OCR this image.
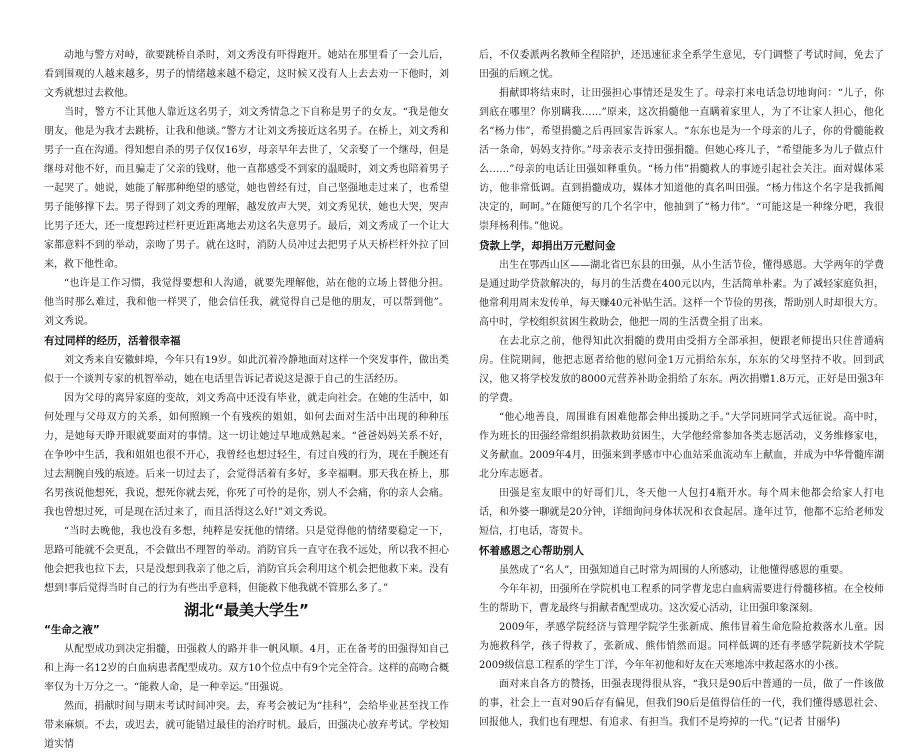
动地与警方对峙，欲要跳桥自杀时，刘文秀没有吓得跑开。她站在那里看了一会儿后，看到围观的人越来越多，男子的情绪越来越不稳定，这时候又没有人上去去劝一下他时，刘文秀就想过去救他。

当时，警方不让其他人靠近这名男子，刘文秀情急之下自称是男子的女友。“我是他女朋友，他是为我才去跳桥，让我和他谈。”警方才让刘文秀接近这名男子。在桥上，刘文秀和男子一直在沟通。得知想自杀的男子仅仅16岁，母亲早年去世了，父亲娶了一个继母，但是继母对他不好，而且骗走了父亲的钱财，他一直都感受不到家的温暖时，刘文秀也陪着男子一起哭了。她说，她能了解那种绝望的感觉，她也曾经有过，自己坚强地走过来了，也希望男子能够撑下去。男子得到了刘文秀的理解，越发放声大哭，刘文秀见状，她也大哭，哭声比男子还大，还一度想跨过栏杆更近距离地去劝这名失意男子。最后，刘文秀成了一个让大家都意料不到的举动，亲吻了男子。就在这时，消防人员冲过去把男子从天桥栏杆外拉了回来，救下他性命。

“也许是工作习惯，我觉得要想和人沟通，就要先理解他，站在他的立场上替他分担。他当时那么难过，我和他一样哭了，他会信任我，就觉得自己是他的朋友，可以帮到他”。刘文秀说。

有过同样的经历，活着很幸福

刘文秀来自安徽蚌埠，今年只有19岁。如此沉着冷静地面对这样一个突发事件，做出类似于一个谈判专家的机智举动，她在电话里告诉记者说这是源于自己的生活经历。

因为父母的离异家庭的变故，刘文秀高中还没有毕业，就走向社会。在她的生活中，如何处理与父母双方的关系，如何照顾一个有残疾的姐姐，如何去面对生活中出现的种种压力，是她每天睁开眼就要面对的事情。这一切让她过早地成熟起来。“爸爸妈妈关系不好，在争吵中生活，我和姐姐也很不开心，我曾经也想过轻生，有过自残的行为，现在手腕还有过去割腕自残的痕迹。后来一切过去了，会觉得活着有多好，多幸福啊。那天我在桥上，那名男孩说他想死，我说，想死你就去死，你死了可怜的是你，别人不会痛，你的亲人会痛。我也曾想过死，可是现在活过来了，而且活得这么好!”刘文秀说。

“当时去晚他，我也没有多想，纯粹是安抚他的情绪。只是觉得他的情绪要稳定一下，思路可能就不会更乱，不会做出不理智的举动。消防官兵一直守在我不远处，所以我不担心他会把我也拉下去，只是没想到我亲了他之后，消防官兵会利用这个机会把他救下来。没有想到!事后觉得当时自己的行为有些出乎意料，但能救下他我就不管那么多了。”

湖北“最美大学生”
“生命之液”

从配型成功到决定捐髓，田强救人的路并非一帆风顺。4月，正在备考的田强得知自己和上海一名12岁的白血病患者配型成功。双方10个位点中有9个完全符合。这样的高吻合概率仅为十万分之一。“能救人命，是一种幸运。”田强说。

然而，捐献时间与期末考试时间冲突。去，弃考会被记为“挂科”，会给毕业甚至找工作带来麻烦。不去，或迟去，就可能错过最佳的治疗时机。最后，田强决心放弃考试。学校知道实情

后，不仅委派两名教师全程陪护，还迅速征求全系学生意见，专门调整了考试时间，免去了田强的后顾之忧。

捐献即将结束时，让田强担心事情还是发生了。母亲打来电话急切地询问：“儿子，你到底在哪里？你别瞒我……”原来，这次捐髓他一直瞒着家里人，为了不让家人担心，他化名“杨力伟”，希望捐髓之后再回家告诉家人。“东东也是为一个母亲的儿子，你的骨髓能救活一条命，妈妈支持你。”母亲表示支持田强捐髓。但她心疼儿子，“希望能多为儿子做点什么……”母亲的电话让田强如释重负。“杨力伟”捐髓救人的事迹引起社会关注。面对媒体采访，他非常低调。直到捐髓成功，媒体才知道他的真名叫田强。“杨力伟这个名字是我抓阄决定的，呵呵。”在随便写的几个名字中，他抽到了“杨力伟”。“可能这是一种缘分吧，我很崇拜杨利伟。”他说。

贷款上学，却捐出万元慰问金

出生在鄂西山区——湖北省巴东县的田强，从小生活节俭，懂得感恩。大学两年的学费是通过助学贷款解决的，每月的生活费在400元以内，生活简单朴素。为了减轻家庭负担，他常利用周末发传单，每天赚40元补贴生活。这样一个节俭的男孩，帮助别人时却很大方。高中时，学校组织贫困生救助会，他把一周的生活费全捐了出来。

在去北京之前，他得知此次捐髓的费用由受捐方全部承担，便跟老师提出只住普通病房。住院期间，他把志愿者给他的慰问金1万元捐给东东，东东的父母坚持不收。回到武汉，他又将学校发放的8000元营养补助金捐给了东东。两次捐赠1.8万元，正好是田强3年的学费。

“他心地善良，周围谁有困难他都会伸出援助之手。”大学同班同学式远征说。高中时，作为班长的田强经常组织捐款救助贫困生，大学他经常参加各类志愿活动，义务维修家电，义务献血。2009年4月，田强来到孝感市中心血站采血流动车上献血，并成为中华骨髓库湖北分库志愿者。

田强是室友眼中的好哥们儿，冬天他一人包打4瓶开水。每个周末他都会给家人打电话，和外婆一聊就是20分钟，详细询问身体状况和衣食起居。逢年过节，他都不忘给老师发短信，打电话，寄贺卡。

怀着感恩之心帮助别人

虽然成了“名人”，田强知道自己时常为周围的人所感动，让他懂得感恩的重要。

今年年初，田强所在学院机电工程系的同学曹龙忠白血病需要进行骨髓移植。在全校师生的帮助下，曹龙最终与捐献者配型成功。这次爱心活动，让田强印象深刻。

2009年，孝感学院经济与管理学院学生张新成、熊伟冒着生命危险抢救落水儿童。因为施救科学，孩子得救了，张新成、熊伟悄然而退。同样低调的还有孝感学院新技术学院2009级信息工程系的学生丁洋，今年年初他和好友在天寒地冻中救起落水的小孩。

面对来自各方的赞扬，田强表现得很从容，“我只是90后中普通的一员，做了一件该做的事，社会上一直对90后存有偏见，但我们90后是值得信任的一代，我们懂得感恩社会、回报他人，我们也有理想、有追求、有担当。我们不是垮掉的一代。”(记者 甘丽华)
